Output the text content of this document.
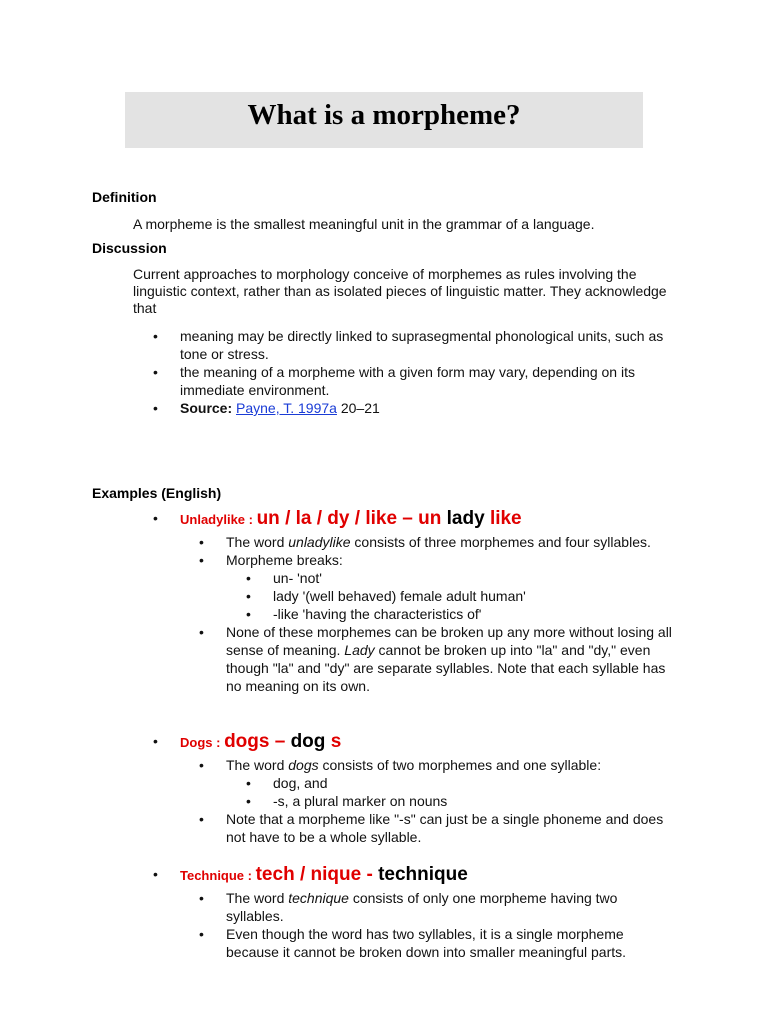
What is a morpheme?
Definition
A morpheme is the smallest meaningful unit in the grammar of a language.
Discussion
Current approaches to morphology conceive of morphemes as rules involving the linguistic context, rather than as isolated pieces of linguistic matter. They acknowledge that
• meaning may be directly linked to suprasegmental phonological units, such as tone or stress.
• the meaning of a morpheme with a given form may vary, depending on its immediate environment.
• Source: Payne, T. 1997a 20–21
Examples (English)
• Unladylike : un / la / dy / like – un lady like
• The word unladylike consists of three morphemes and four syllables.
• Morpheme breaks:
• un- 'not'
• lady '(well behaved) female adult human'
• -like 'having the characteristics of'
• None of these morphemes can be broken up any more without losing all sense of meaning. Lady cannot be broken up into "la" and "dy," even though "la" and "dy" are separate syllables. Note that each syllable has no meaning on its own.
• Dogs : dogs – dog s
• The word dogs consists of two morphemes and one syllable:
• dog, and
• -s, a plural marker on nouns
• Note that a morpheme like "-s" can just be a single phoneme and does not have to be a whole syllable.
• Technique : tech / nique - technique
• The word technique consists of only one morpheme having two syllables.
• Even though the word has two syllables, it is a single morpheme because it cannot be broken down into smaller meaningful parts.
